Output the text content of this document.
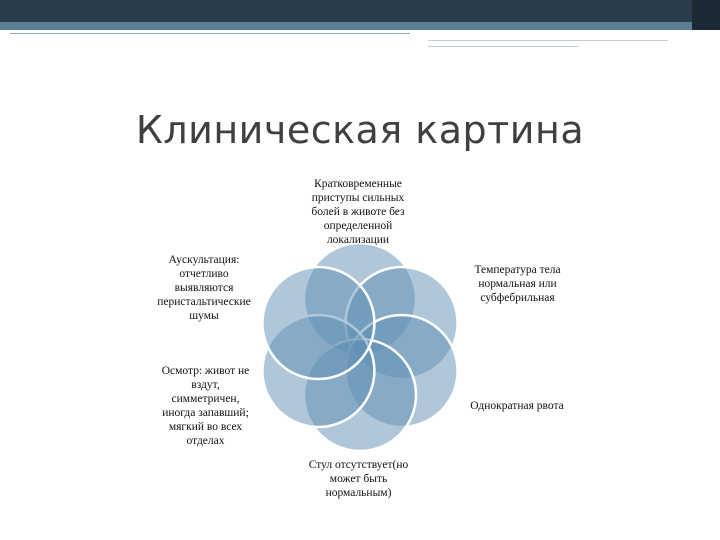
Клиническая картина
Кратковременные
приступы сильных
болей в животе без
определенной
локализации
Температура тела
нормальная или
субфебрильная
Однократная рвота
Стул отсутствует(но
может быть
нормальным)
Осмотр: живот не
вздут,
симметричен,
иногда запавший;
мягкий во всех
отделах
Аускультация:
отчетливо
выявляются
перистальтические
шумы
